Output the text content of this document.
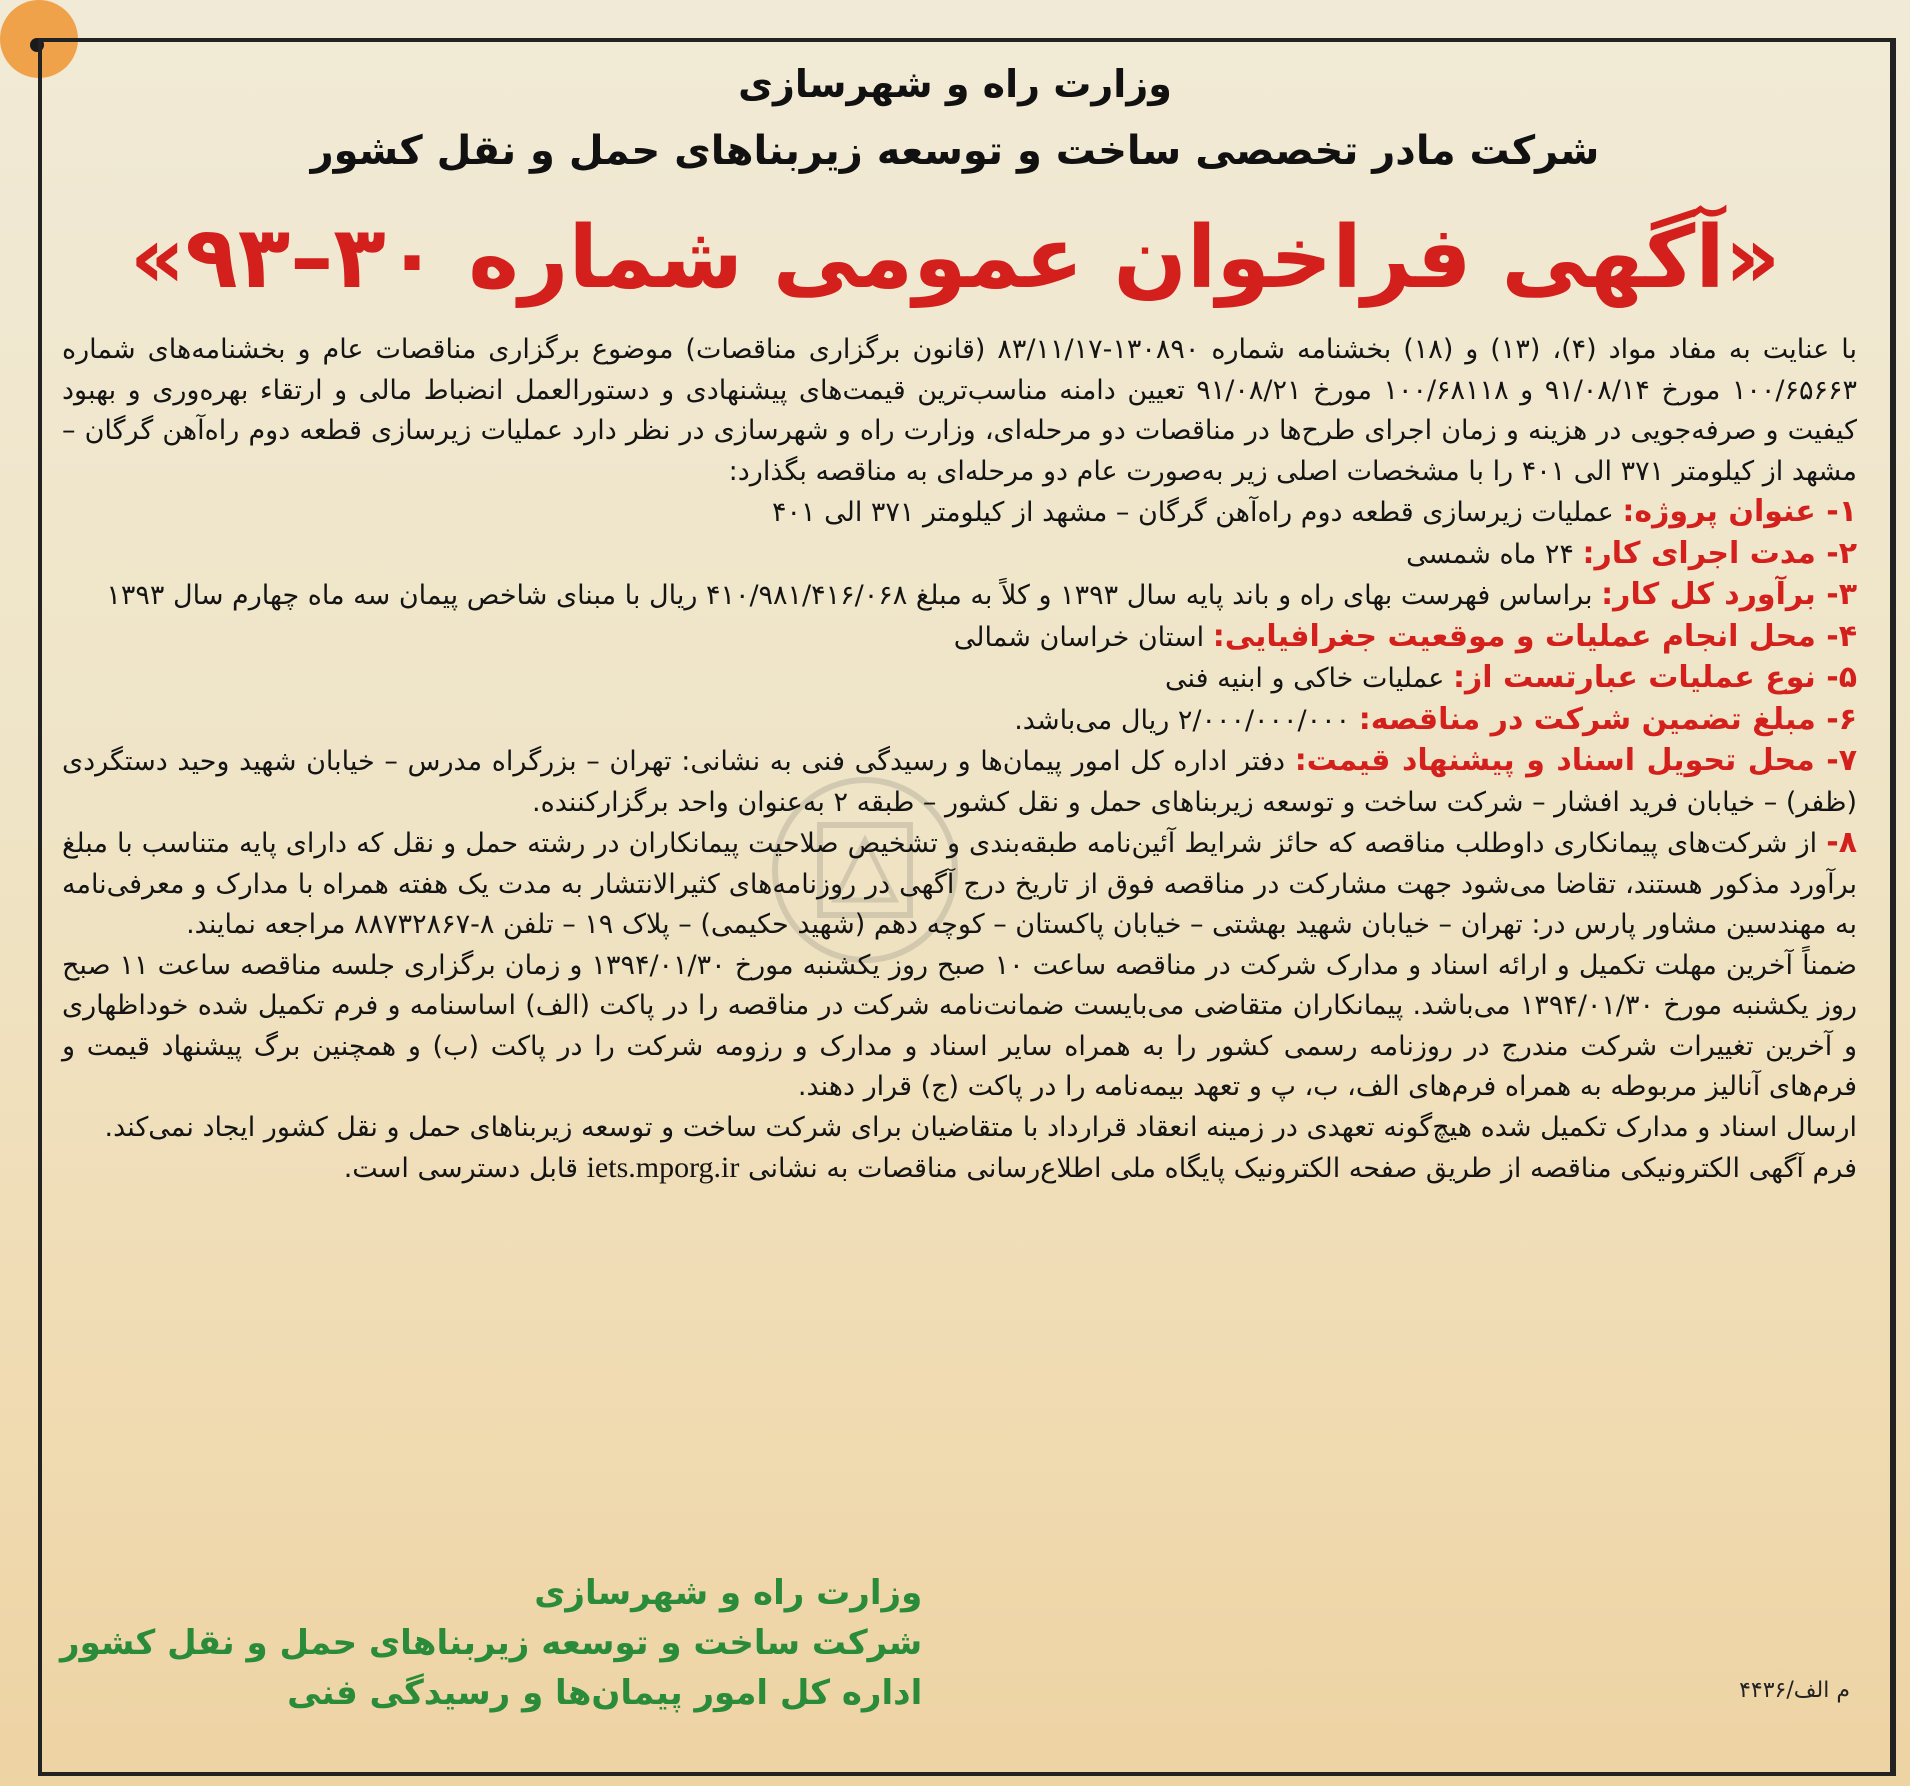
وزارت راه و شهرسازی
شرکت مادر تخصصی ساخت و توسعه زیربناهای حمل و نقل کشور
«آگهی فراخوان عمومی شماره ۳۰–۹۳»

با عنایت به مفاد مواد (۴)، (۱۳) و (۱۸) بخشنامه شماره ۱۳۰۸۹۰-۸۳/۱۱/۱۷ (قانون برگزاری مناقصات) موضوع برگزاری مناقصات عام و بخشنامه‌های شماره ۱۰۰/۶۵۶۶۳ مورخ ۹۱/۰۸/۱۴ و ۱۰۰/۶۸۱۱۸ مورخ ۹۱/۰۸/۲۱ تعیین دامنه مناسب‌ترین قیمت‌های پیشنهادی و دستورالعمل انضباط مالی و ارتقاء بهره‌وری و بهبود کیفیت و صرفه‌جویی در هزینه و زمان اجرای طرح‌ها در مناقصات دو مرحله‌ای، وزارت راه و شهرسازی در نظر دارد عملیات زیرسازی قطعه دوم راه‌آهن گرگان – مشهد از کیلومتر ۳۷۱ الی ۴۰۱ را با مشخصات اصلی زیر به‌صورت عام دو مرحله‌ای به مناقصه بگذارد:

۱- عنوان پروژه: عملیات زیرسازی قطعه دوم راه‌آهن گرگان – مشهد از کیلومتر ۳۷۱ الی ۴۰۱

۲- مدت اجرای کار: ۲۴ ماه شمسی

۳- برآورد کل کار: براساس فهرست بهای راه و باند پایه سال ۱۳۹۳ و کلاً به مبلغ ۴۱۰/۹۸۱/۴۱۶/۰۶۸ ریال با مبنای شاخص پیمان سه ماه چهارم سال ۱۳۹۳

۴- محل انجام عملیات و موقعیت جغرافیایی: استان خراسان شمالی

۵- نوع عملیات عبارتست از: عملیات خاکی و ابنیه فنی

۶- مبلغ تضمین شرکت در مناقصه: ۲/۰۰۰/۰۰۰/۰۰۰ ریال می‌باشد.

۷- محل تحویل اسناد و پیشنهاد قیمت: دفتر اداره کل امور پیمان‌ها و رسیدگی فنی به نشانی: تهران – بزرگراه مدرس – خیابان شهید وحید دستگردی (ظفر) – خیابان فرید افشار – شرکت ساخت و توسعه زیربناهای حمل و نقل کشور – طبقه ۲ به‌عنوان واحد برگزارکننده.

۸- از شرکت‌های پیمانکاری داوطلب مناقصه که حائز شرایط آئین‌نامه طبقه‌بندی و تشخیص صلاحیت پیمانکاران در رشته حمل و نقل که دارای پایه متناسب با مبلغ برآورد مذکور هستند، تقاضا می‌شود جهت مشارکت در مناقصه فوق از تاریخ درج آگهی در روزنامه‌های کثیرالانتشار به مدت یک هفته همراه با مدارک و معرفی‌نامه به مهندسین مشاور پارس در: تهران – خیابان شهید بهشتی – خیابان پاکستان – کوچه دهم (شهید حکیمی) – پلاک ۱۹ – تلفن ۸-۸۸۷۳۲۸۶۷ مراجعه نمایند.

ضمناً آخرین مهلت تکمیل و ارائه اسناد و مدارک شرکت در مناقصه ساعت ۱۰ صبح روز یکشنبه مورخ ۱۳۹۴/۰۱/۳۰ و زمان برگزاری جلسه مناقصه ساعت ۱۱ صبح روز یکشنبه مورخ ۱۳۹۴/۰۱/۳۰ می‌باشد. پیمانکاران متقاضی می‌بایست ضمانت‌نامه شرکت در مناقصه را در پاکت (الف) اساسنامه و فرم تکمیل شده خوداظهاری و آخرین تغییرات شرکت مندرج در روزنامه رسمی کشور را به همراه سایر اسناد و مدارک و رزومه شرکت را در پاکت (ب) و همچنین برگ پیشنهاد قیمت و فرم‌های آنالیز مربوطه به همراه فرم‌های الف، ب، پ و تعهد بیمه‌نامه را در پاکت (ج) قرار دهند.

ارسال اسناد و مدارک تکمیل شده هیچ‌گونه تعهدی در زمینه انعقاد قرارداد با متقاضیان برای شرکت ساخت و توسعه زیربناهای حمل و نقل کشور ایجاد نمی‌کند.

فرم آگهی الکترونیکی مناقصه از طریق صفحه الکترونیک پایگاه ملی اطلاع‌رسانی مناقصات به نشانی iets.mporg.ir قابل دسترسی است.

وزارت راه و شهرسازی
شرکت ساخت و توسعه زیربناهای حمل و نقل کشور
اداره کل امور پیمان‌ها و رسیدگی فنی	م الف/۴۴۳۶
